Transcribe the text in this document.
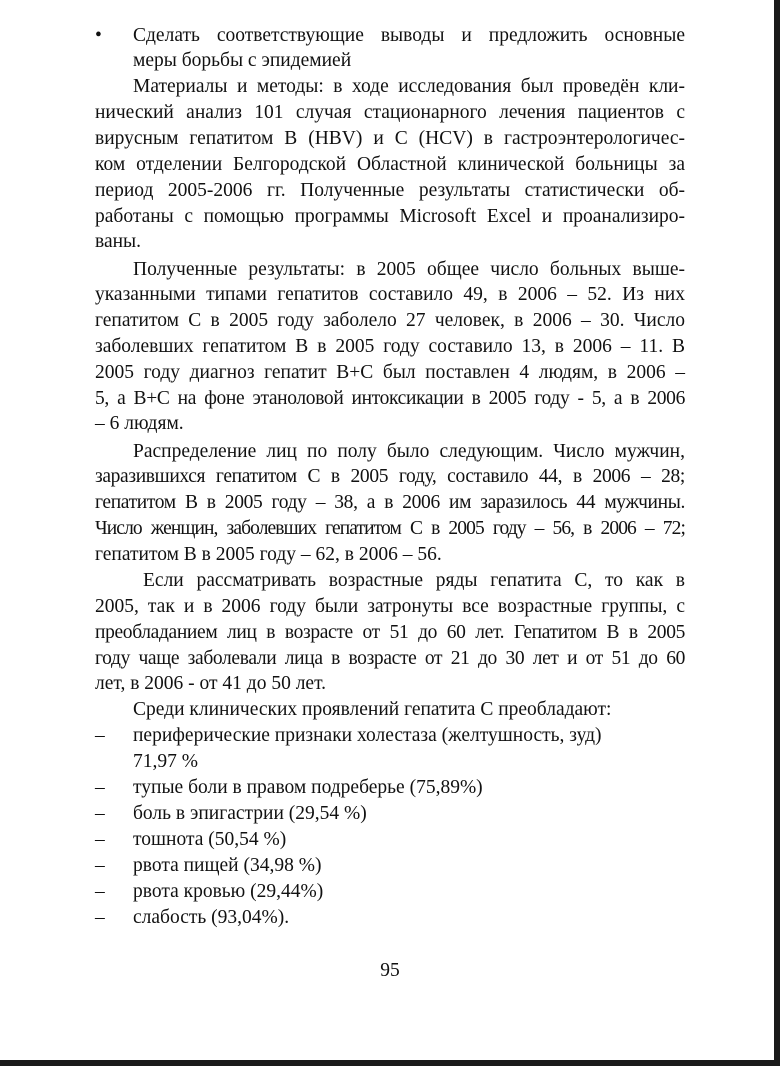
• Сделать соответствующие выводы и предложить основные
меры борьбы с эпидемией
Материалы и методы: в ходе исследования был проведён кли-
нический анализ 101 случая стационарного лечения пациентов с
вирусным гепатитом В (HBV) и С (HCV) в гастроэнтерологичес-
ком отделении Белгородской Областной клинической больницы за
период 2005-2006 гг. Полученные результаты статистически об-
работаны с помощью программы Microsoft Excel и проанализиро-
ваны.
Полученные результаты: в 2005 общее число больных выше-
указанными типами гепатитов составило 49, в 2006 – 52. Из них
гепатитом С в 2005 году заболело 27 человек, в 2006 – 30. Число
заболевших гепатитом В в 2005 году составило 13, в 2006 – 11. В
2005 году диагноз гепатит В+С был поставлен 4 людям, в 2006 –
5, а В+С на фоне этаноловой интоксикации в 2005 году - 5, а в 2006
– 6 людям.
Распределение лиц по полу было следующим. Число мужчин,
заразившихся гепатитом С в 2005 году, составило 44, в 2006 – 28;
гепатитом В в 2005 году – 38, а в 2006 им заразилось 44 мужчины.
Число женщин, заболевших гепатитом С в 2005 году – 56, в 2006 – 72;
гепатитом В в 2005 году – 62, в 2006 – 56.
Если рассматривать возрастные ряды гепатита С, то как в
2005, так и в 2006 году были затронуты все возрастные группы, с
преобладанием лиц в возрасте от 51 до 60 лет. Гепатитом В в 2005
году чаще заболевали лица в возрасте от 21 до 30 лет и от 51 до 60
лет, в 2006 - от 41 до 50 лет.
Среди клинических проявлений гепатита С преобладают:
– периферические признаки холестаза (желтушность, зуд)
71,97 %
– тупые боли в правом подреберье (75,89%)
– боль в эпигастрии (29,54 %)
– тошнота (50,54 %)
– рвота пищей (34,98 %)
– рвота кровью (29,44%)
– слабость (93,04%).
95
